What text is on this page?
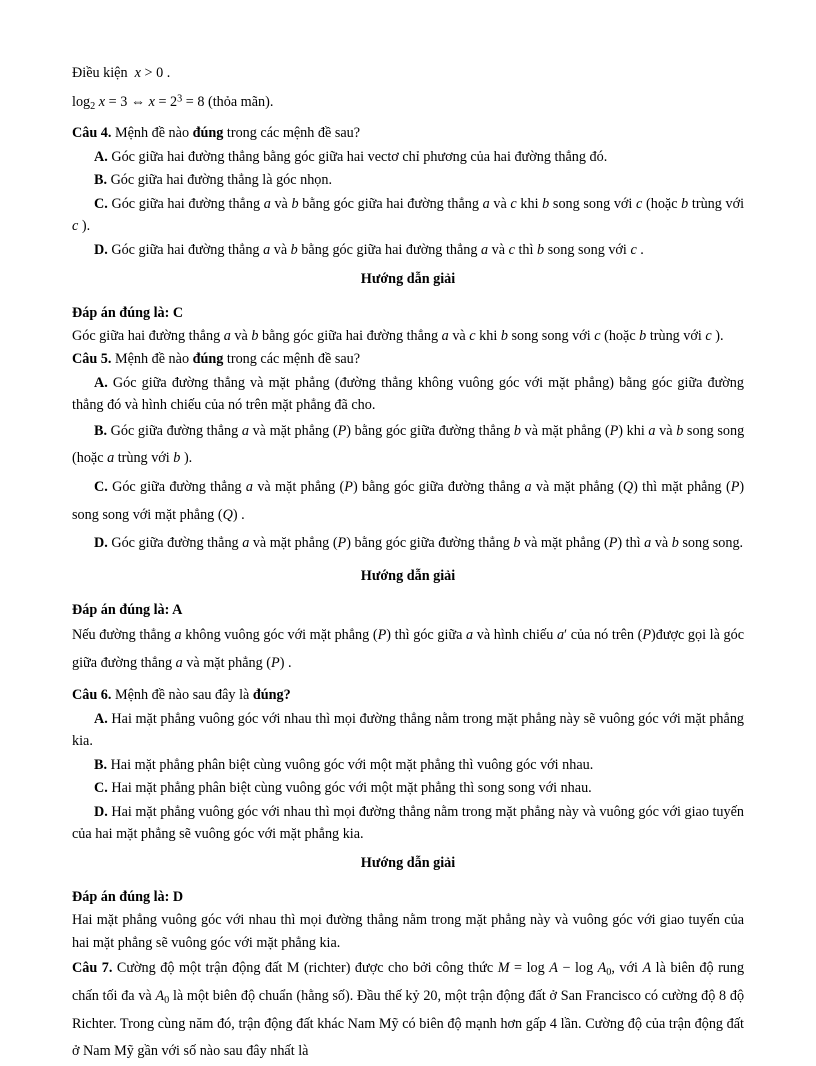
Điều kiện x > 0 .
$\log_2 x = 3$ ⇔ $x = 2^3 = 8$ (thỏa mãn).
Câu 4. Mệnh đề nào đúng trong các mệnh đề sau?
A. Góc giữa hai đường thẳng bằng góc giữa hai vectơ chỉ phương của hai đường thẳng đó.
B. Góc giữa hai đường thẳng là góc nhọn.
C. Góc giữa hai đường thẳng a và b bằng góc giữa hai đường thẳng a và c khi b song song với c (hoặc b trùng với c ).
D. Góc giữa hai đường thẳng a và b bằng góc giữa hai đường thẳng a và c thì b song song với c .
Hướng dẫn giải
Đáp án đúng là: C
Góc giữa hai đường thẳng a và b bằng góc giữa hai đường thẳng a và c khi b song song với c (hoặc b trùng với c ).
Câu 5. Mệnh đề nào đúng trong các mệnh đề sau?
A. Góc giữa đường thẳng và mặt phẳng (đường thẳng không vuông góc với mặt phẳng) bằng góc giữa đường thẳng đó và hình chiếu của nó trên mặt phẳng đã cho.
B. Góc giữa đường thẳng a và mặt phẳng (P) bằng góc giữa đường thẳng b và mặt phẳng (P) khi a và b song song (hoặc a trùng với b ).
C. Góc giữa đường thẳng a và mặt phẳng (P) bằng góc giữa đường thẳng a và mặt phẳng (Q) thì mặt phẳng (P) song song với mặt phẳng (Q) .
D. Góc giữa đường thẳng a và mặt phẳng (P) bằng góc giữa đường thẳng b và mặt phẳng (P) thì a và b song song.
Hướng dẫn giải
Đáp án đúng là: A
Nếu đường thẳng a không vuông góc với mặt phẳng (P) thì góc giữa a và hình chiếu a′ của nó trên (P)được gọi là góc giữa đường thẳng a và mặt phẳng (P) .
Câu 6. Mệnh đề nào sau đây là đúng?
A. Hai mặt phẳng vuông góc với nhau thì mọi đường thẳng nằm trong mặt phẳng này sẽ vuông góc với mặt phẳng kia.
B. Hai mặt phẳng phân biệt cùng vuông góc với một mặt phẳng thì vuông góc với nhau.
C. Hai mặt phẳng phân biệt cùng vuông góc với một mặt phẳng thì song song với nhau.
D. Hai mặt phẳng vuông góc với nhau thì mọi đường thẳng nằm trong mặt phẳng này và vuông góc với giao tuyến của hai mặt phẳng sẽ vuông góc với mặt phẳng kia.
Hướng dẫn giải
Đáp án đúng là: D
Hai mặt phẳng vuông góc với nhau thì mọi đường thẳng nằm trong mặt phẳng này và vuông góc với giao tuyến của hai mặt phẳng sẽ vuông góc với mặt phẳng kia.
Câu 7. Cường độ một trận động đất M (richter) được cho bởi công thức $M = \log A - \log A_0$, với A là biên độ rung chấn tối đa và $A_0$ là một biên độ chuẩn (hằng số). Đầu thế kỷ 20, một trận động đất ở San Francisco có cường độ 8 độ Richter. Trong cùng năm đó, trận động đất khác Nam Mỹ có biên độ mạnh hơn gấp 4 lần. Cường độ của trận động đất ở Nam Mỹ gần với số nào sau đây nhất là
